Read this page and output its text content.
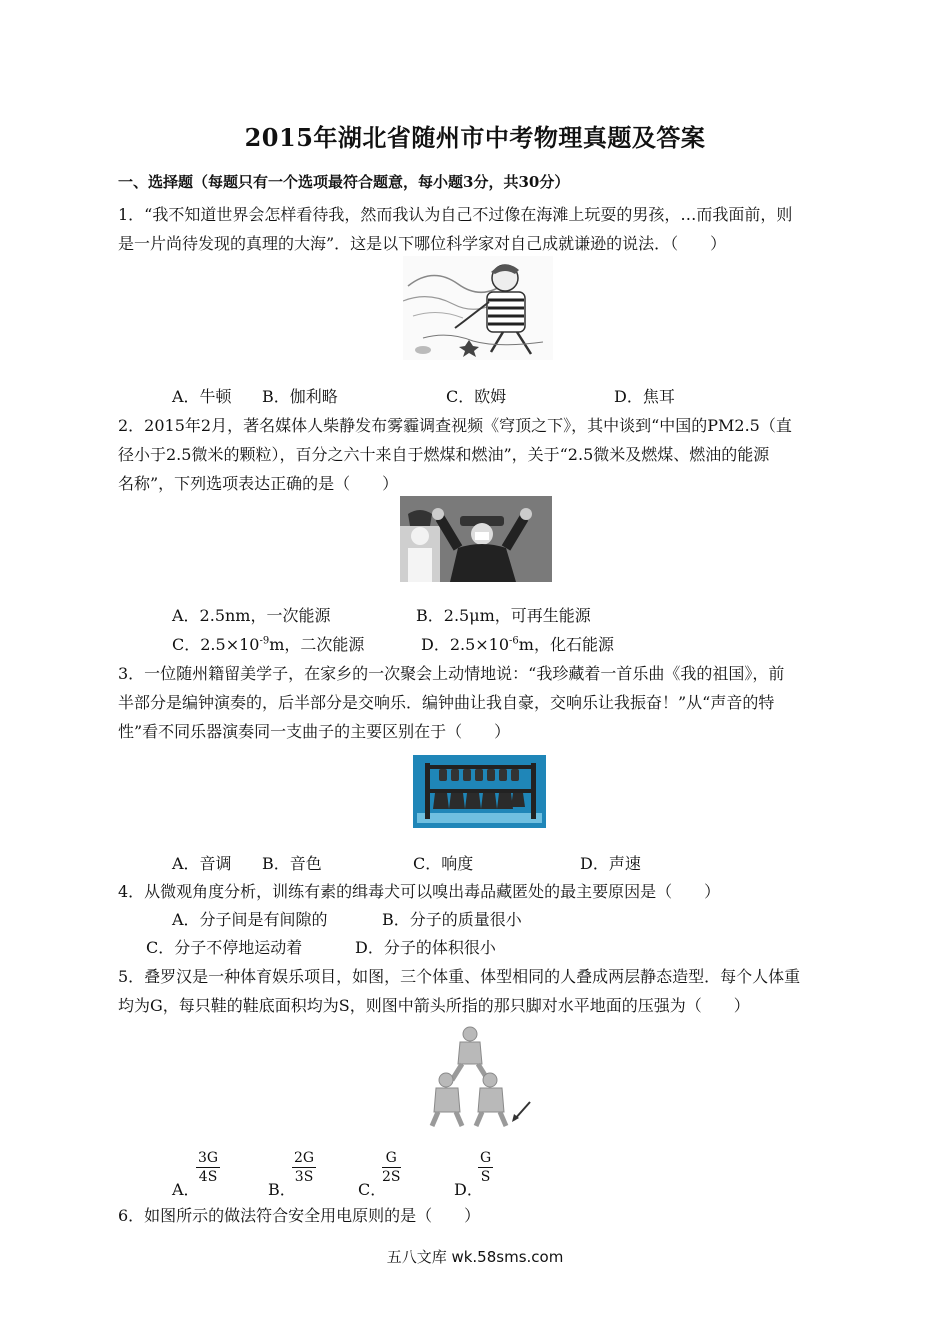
2015年湖北省随州市中考物理真题及答案
一、选择题（每题只有一个选项最符合题意，每小题3分，共30分）
1．“我不知道世界会怎样看待我，然而我认为自己不过像在海滩上玩耍的男孩，…而我面前，则
是一片尚待发现的真理的大海”．这是以下哪位科学家对自己成就谦逊的说法．（　　）
A．牛顿 B．伽利略	C．欧姆	D．焦耳
2．2015年2月，著名媒体人柴静发布雾霾调查视频《穹顶之下》，其中谈到“中国的PM2.5（直
径小于2.5微米的颗粒），百分之六十来自于燃煤和燃油”，关于“2.5微米及燃煤、燃油的能源
名称”，下列选项表达正确的是（　　）
A．2.5nm，一次能源	B．2.5μm，可再生能源
C．$2.5\times 10^{-9}m$，二次能源	D．$2.5\times 10^{-6}m$，化石能源
3．一位随州籍留美学子，在家乡的一次聚会上动情地说：“我珍藏着一首乐曲《我的祖国》，前
半部分是编钟演奏的，后半部分是交响乐．编钟曲让我自豪，交响乐让我振奋！”从“声音的特
性”看不同乐器演奏同一支曲子的主要区别在于（　　）
A．音调 B．音色	C．响度	D．声速
4．从微观角度分析，训练有素的缉毒犬可以嗅出毒品藏匿处的最主要原因是（　　）
A．分子间是有间隙的	B．分子的质量很小
C．分子不停地运动着	D．分子的体积很小
5．叠罗汉是一种体育娱乐项目，如图，三个体重、体型相同的人叠成两层静态造型．每个人体重
均为G，每只鞋的鞋底面积均为S，则图中箭头所指的那只脚对水平地面的压强为（　　）
A．
$\frac{3G}{4S}$
B．
$\frac{2G}{3S}$
C．
$\frac{G}{2S}$
D．
$\frac{G}{S}$
6．如图所示的做法符合安全用电原则的是（　　）
五八文库 wk.58sms.com
